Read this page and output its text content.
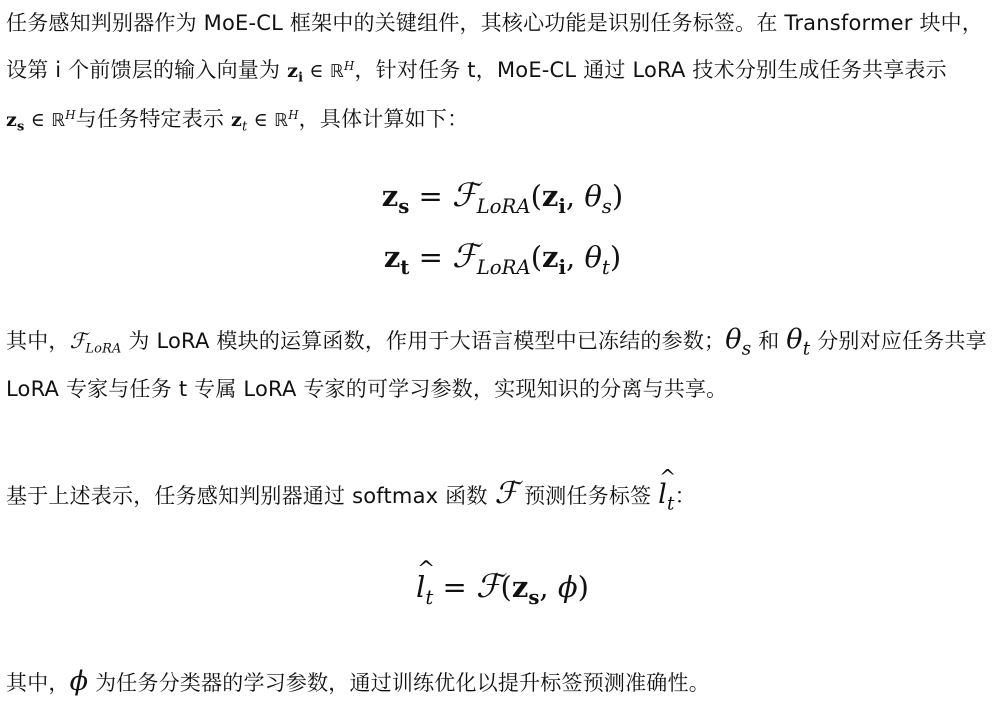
任务感知判别器作为 MoE-CL 框架中的关键组件，其核心功能是识别任务标签。在 Transformer 块中，设第 i 个前馈层的输入向量为 $z_i$ ∈ ℝ$^H$，针对任务 t，MoE-CL 通过 LoRA 技术分别生成任务共享表示 $z_s$ ∈ ℝ$^H$与任务特定表示 $z_t$ ∈ ℝ$^H$，具体计算如下：

$z_s$ = $ℱ_{LoRA}(z_i$, $\theta_s$)
$z_t$ = $ℱ_{LoRA}(z_i$, $\theta_t$)

其中，ℱ$_{LoRA}$ 为 LoRA 模块的运算函数，作用于大语言模型中已冻结的参数；$\theta_s$ 和 $\theta_t$ 分别对应任务共享 LoRA 专家与任务 t 专属 LoRA 专家的可学习参数，实现知识的分离与共享。

基于上述表示，任务感知判别器通过 softmax 函数 ℱ 预测任务标签 ^ $l_t$：

^ $l_t$ = $ℱ(z_s$, ϕ)

其中，ϕ 为任务分类器的学习参数，通过训练优化以提升标签预测准确性。
